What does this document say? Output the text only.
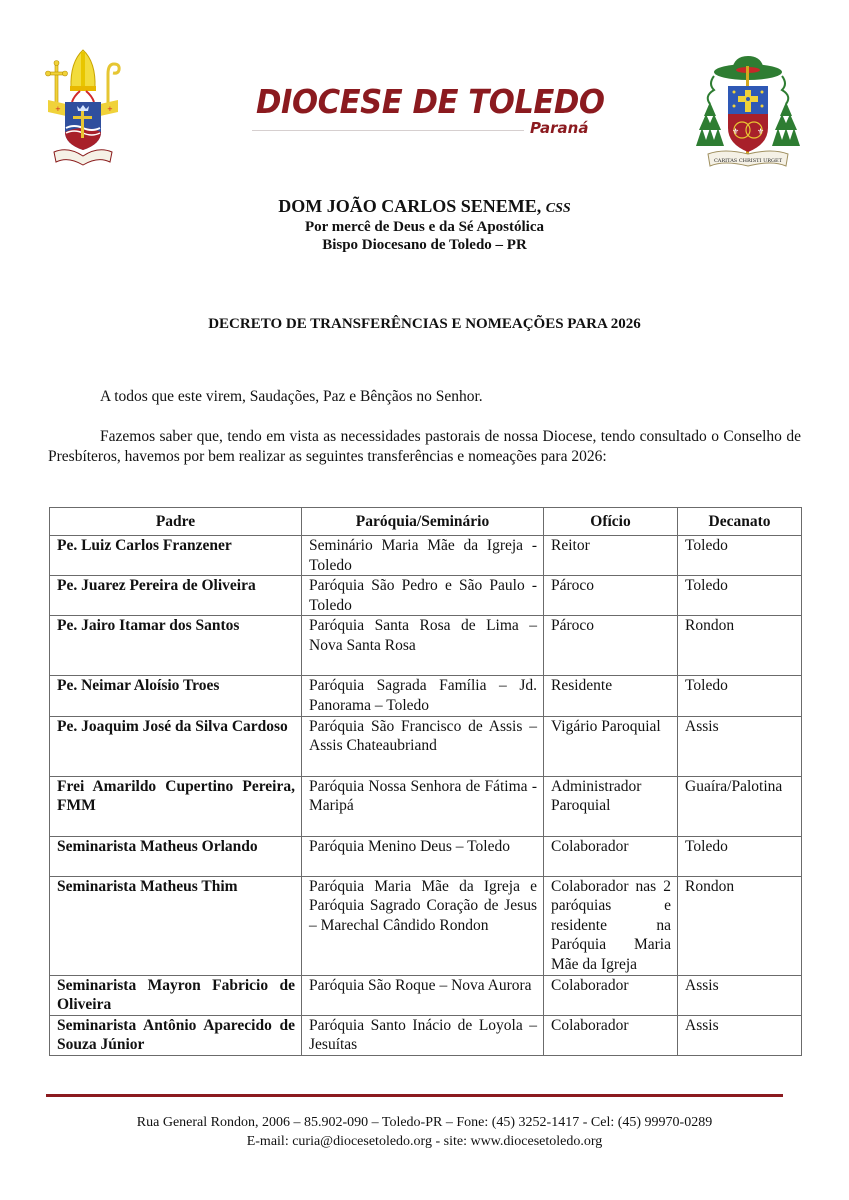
+	+	DIOCESE DE TOLEDO
Paraná	⚜ ⚜
CARITAS CHRISTI URGET
DOM JOÃO CARLOS SENEME, CSS
Por mercê de Deus e da Sé Apostólica
Bispo Diocesano de Toledo – PR
DECRETO DE TRANSFERÊNCIAS E NOMEAÇÕES PARA 2026
A todos que este virem, Saudações, Paz e Bênçãos no Senhor.
Fazemos saber que, tendo em vista as necessidades pastorais de nossa Diocese, tendo consultado o Conselho de Presbíteros, havemos por bem realizar as seguintes transferências e nomeações para 2026:
Padre	Paróquia/Seminário	Ofício	Decanato
Pe. Luiz Carlos Franzener	Seminário Maria Mãe da Igreja - Toledo	Reitor	Toledo
Pe. Juarez Pereira de Oliveira	Paróquia São Pedro e São Paulo - Toledo	Pároco	Toledo
Pe. Jairo Itamar dos Santos	Paróquia Santa Rosa de Lima – Nova Santa Rosa	Pároco	Rondon
Pe. Neimar Aloísio Troes	Paróquia Sagrada Família – Jd. Panorama – Toledo	Residente	Toledo
Pe. Joaquim José da Silva Cardoso	Paróquia São Francisco de Assis – Assis Chateaubriand	Vigário Paroquial	Assis
Frei Amarildo Cupertino Pereira, FMM	Paróquia Nossa Senhora de Fátima - Maripá	Administrador Paroquial	Guaíra/Palotina
Seminarista Matheus Orlando	Paróquia Menino Deus – Toledo	Colaborador	Toledo
Seminarista Matheus Thim	Paróquia Maria Mãe da Igreja e Paróquia Sagrado Coração de Jesus – Marechal Cândido Rondon	Colaborador nas 2 paróquias e residente na Paróquia Maria Mãe da Igreja	Rondon
Seminarista Mayron Fabricio de Oliveira	Paróquia São Roque – Nova Aurora	Colaborador	Assis
Seminarista Antônio Aparecido de Souza Júnior	Paróquia Santo Inácio de Loyola – Jesuítas	Colaborador	Assis
Rua General Rondon, 2006 – 85.902-090 – Toledo-PR – Fone: (45) 3252-1417 - Cel: (45) 99970-0289
E-mail: curia@diocesetoledo.org - site: www.diocesetoledo.org
